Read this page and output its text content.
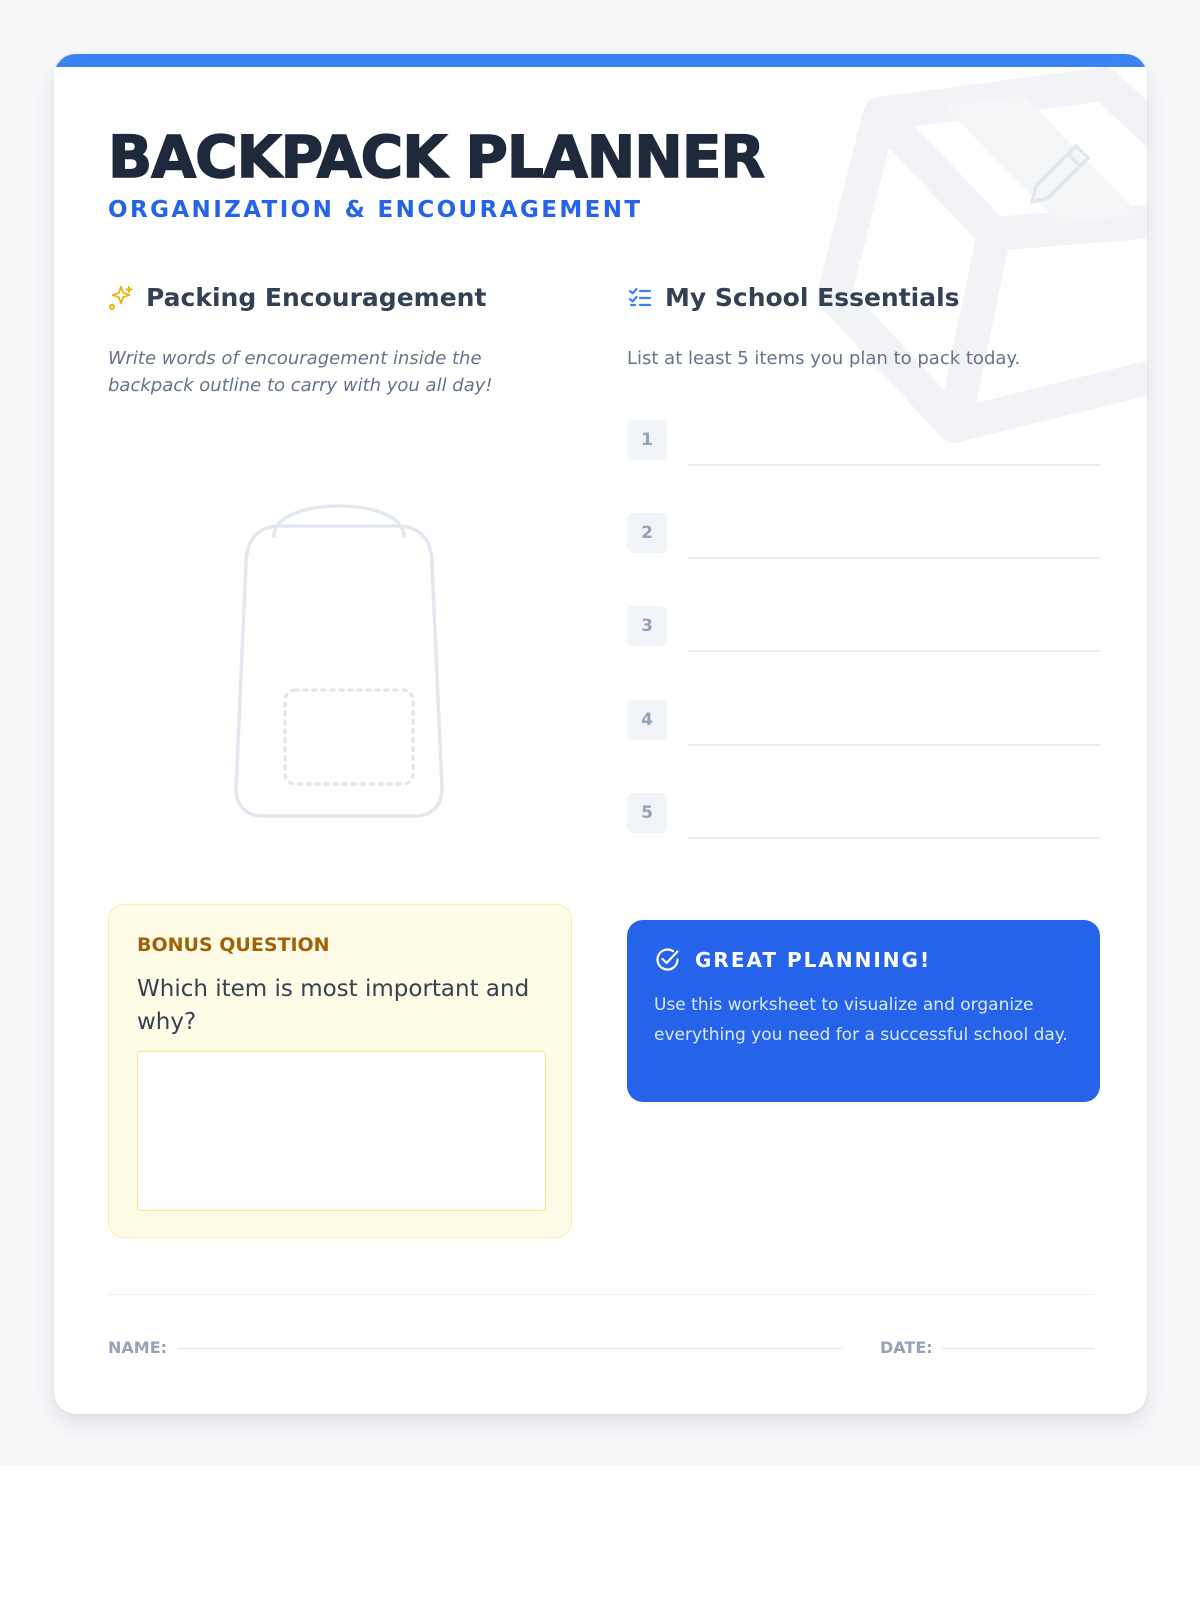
BACKPACK PLANNER
ORGANIZATION & ENCOURAGEMENT
Packing Encouragement

Write words of encouragement inside the backpack outline to carry with you all day!

My School Essentials

List at least 5 items you plan to pack today.

1
2
3
4
5
BONUS QUESTION
Which item is most important and why?
GREAT PLANNING!

Use this worksheet to visualize and organize everything you need for a successful school day.

NAME:	DATE:
